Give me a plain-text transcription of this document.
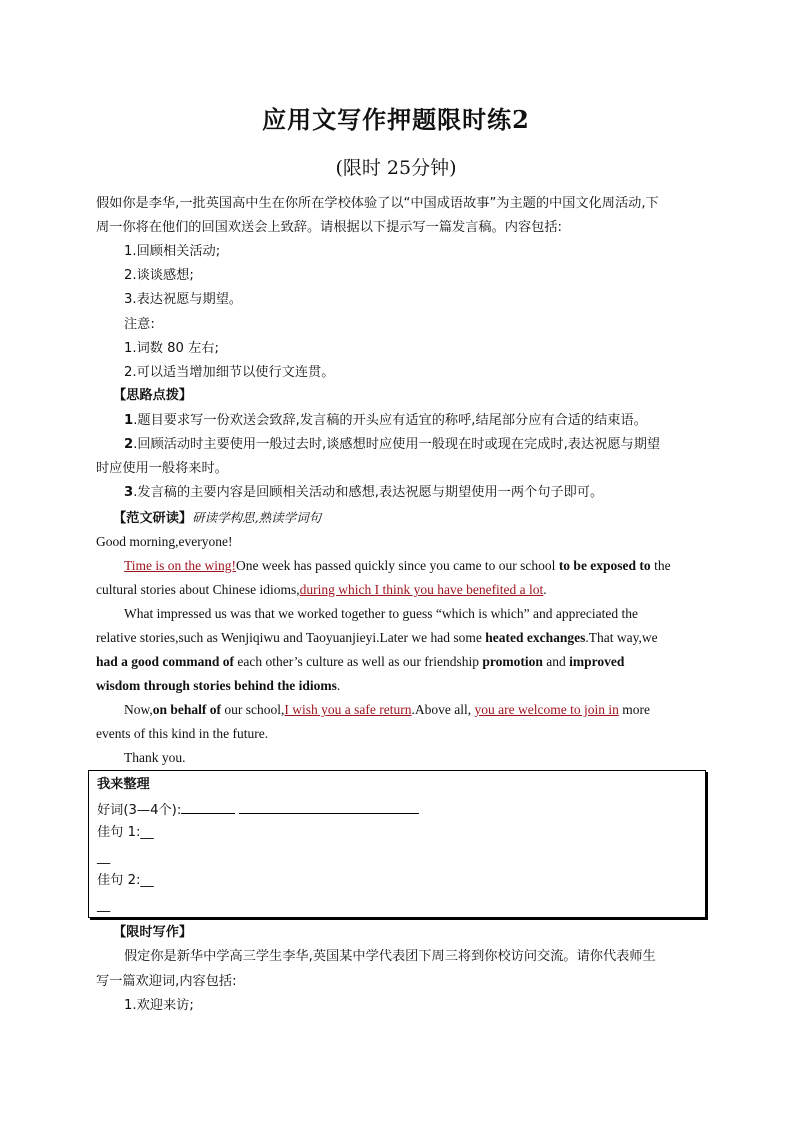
应用文写作押题限时练2
(限时 25分钟)
假如你是李华,一批英国高中生在你所在学校体验了以“中国成语故事”为主题的中国文化周活动,下
周一你将在他们的回国欢送会上致辞。请根据以下提示写一篇发言稿。内容包括:
1.回顾相关活动;
2.谈谈感想;
3.表达祝愿与期望。
注意:
1.词数 80 左右;
2.可以适当增加细节以使行文连贯。
【思路点拨】
1.题目要求写一份欢送会致辞,发言稿的开头应有适宜的称呼,结尾部分应有合适的结束语。
2.回顾活动时主要使用一般过去时,谈感想时应使用一般现在时或现在完成时,表达祝愿与期望
时应使用一般将来时。
3.发言稿的主要内容是回顾相关活动和感想,表达祝愿与期望使用一两个句子即可。
【范文研读】研读学构思,熟读学词句
Good morning,everyone!
Time is on the wing!One week has passed quickly since you came to our school to be exposed to the
cultural stories about Chinese idioms,during which I think you have benefited a lot.
What impressed us was that we worked together to guess “which is which” and appreciated the
relative stories,such as Wenjiqiwu and Taoyuanjieyi.Later we had some heated exchanges.That way,we
had a good command of each other’s culture as well as our friendship promotion and improved
wisdom through stories behind the idioms.
Now,on behalf of our school,I wish you a safe return.Above all, you are welcome to join in more
events of this kind in the future.
Thank you.
我来整理
好词(3—4个):
佳句 1:__
__
佳句 2:__
__
【限时写作】
假定你是新华中学高三学生李华,英国某中学代表团下周三将到你校访问交流。请你代表师生
写一篇欢迎词,内容包括:
1.欢迎来访;
